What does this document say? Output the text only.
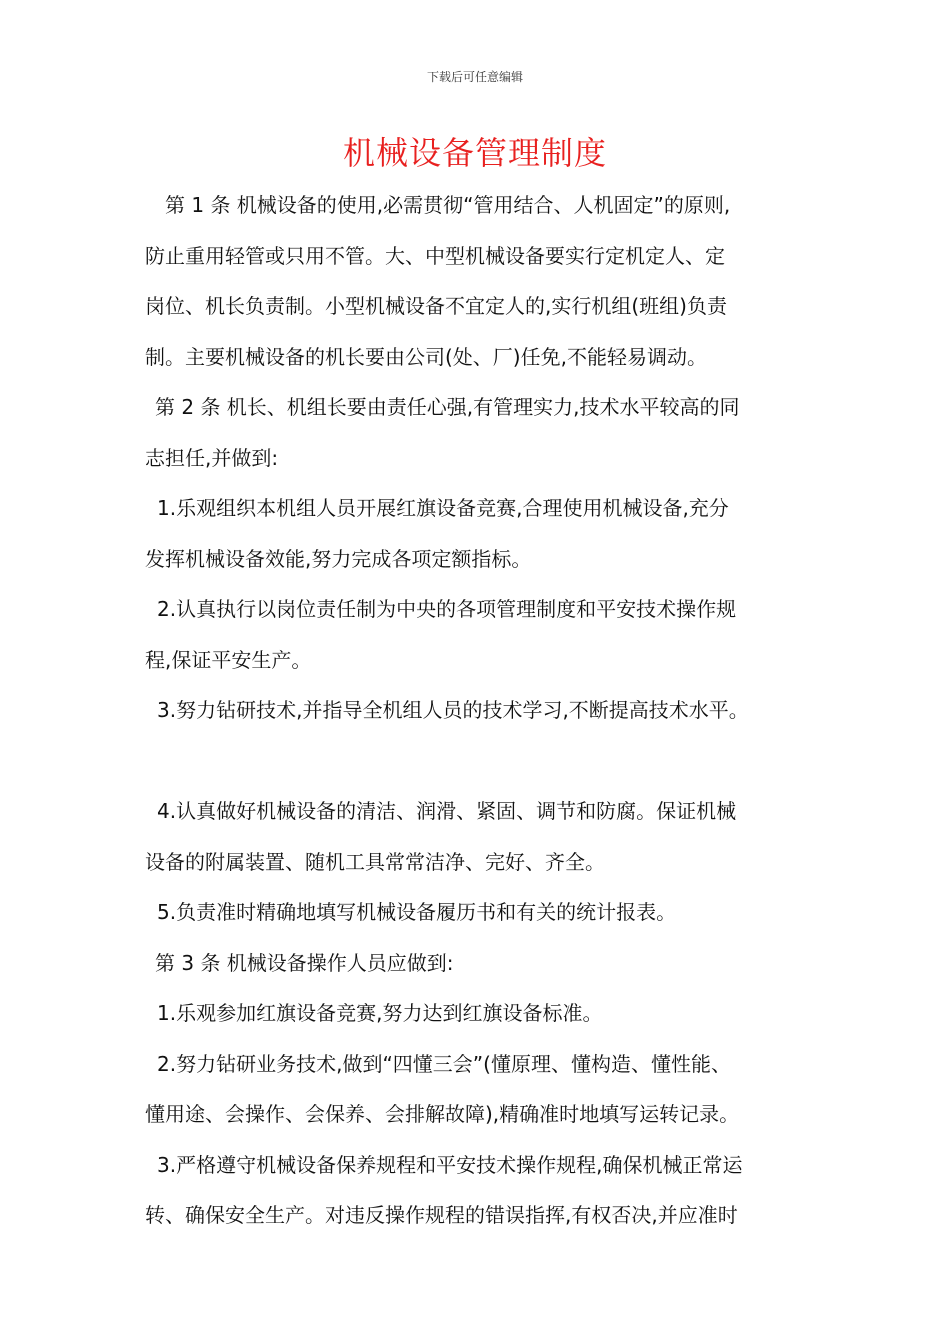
下载后可任意编辑
机械设备管理制度
第 1 条 机械设备的使用,必需贯彻“管用结合、人机固定”的原则,
防止重用轻管或只用不管。大、中型机械设备要实行定机定人、定
岗位、机长负责制。小型机械设备不宜定人的,实行机组(班组)负责
制。主要机械设备的机长要由公司(处、厂)任免,不能轻易调动。
第 2 条 机长、机组长要由责任心强,有管理实力,技术水平较高的同
志担任,并做到:
1.乐观组织本机组人员开展红旗设备竞赛,合理使用机械设备,充分
发挥机械设备效能,努力完成各项定额指标。
2.认真执行以岗位责任制为中央的各项管理制度和平安技术操作规
程,保证平安生产。
3.努力钻研技术,并指导全机组人员的技术学习,不断提高技术水平。
4.认真做好机械设备的清洁、润滑、紧固、调节和防腐。保证机械
设备的附属装置、随机工具常常洁净、完好、齐全。
5.负责准时精确地填写机械设备履历书和有关的统计报表。
第 3 条 机械设备操作人员应做到:
1.乐观参加红旗设备竞赛,努力达到红旗设备标准。
2.努力钻研业务技术,做到“四懂三会”(懂原理、懂构造、懂性能、
懂用途、会操作、会保养、会排解故障),精确准时地填写运转记录。
3.严格遵守机械设备保养规程和平安技术操作规程,确保机械正常运
转、确保安全生产。对违反操作规程的错误指挥,有权否决,并应准时
